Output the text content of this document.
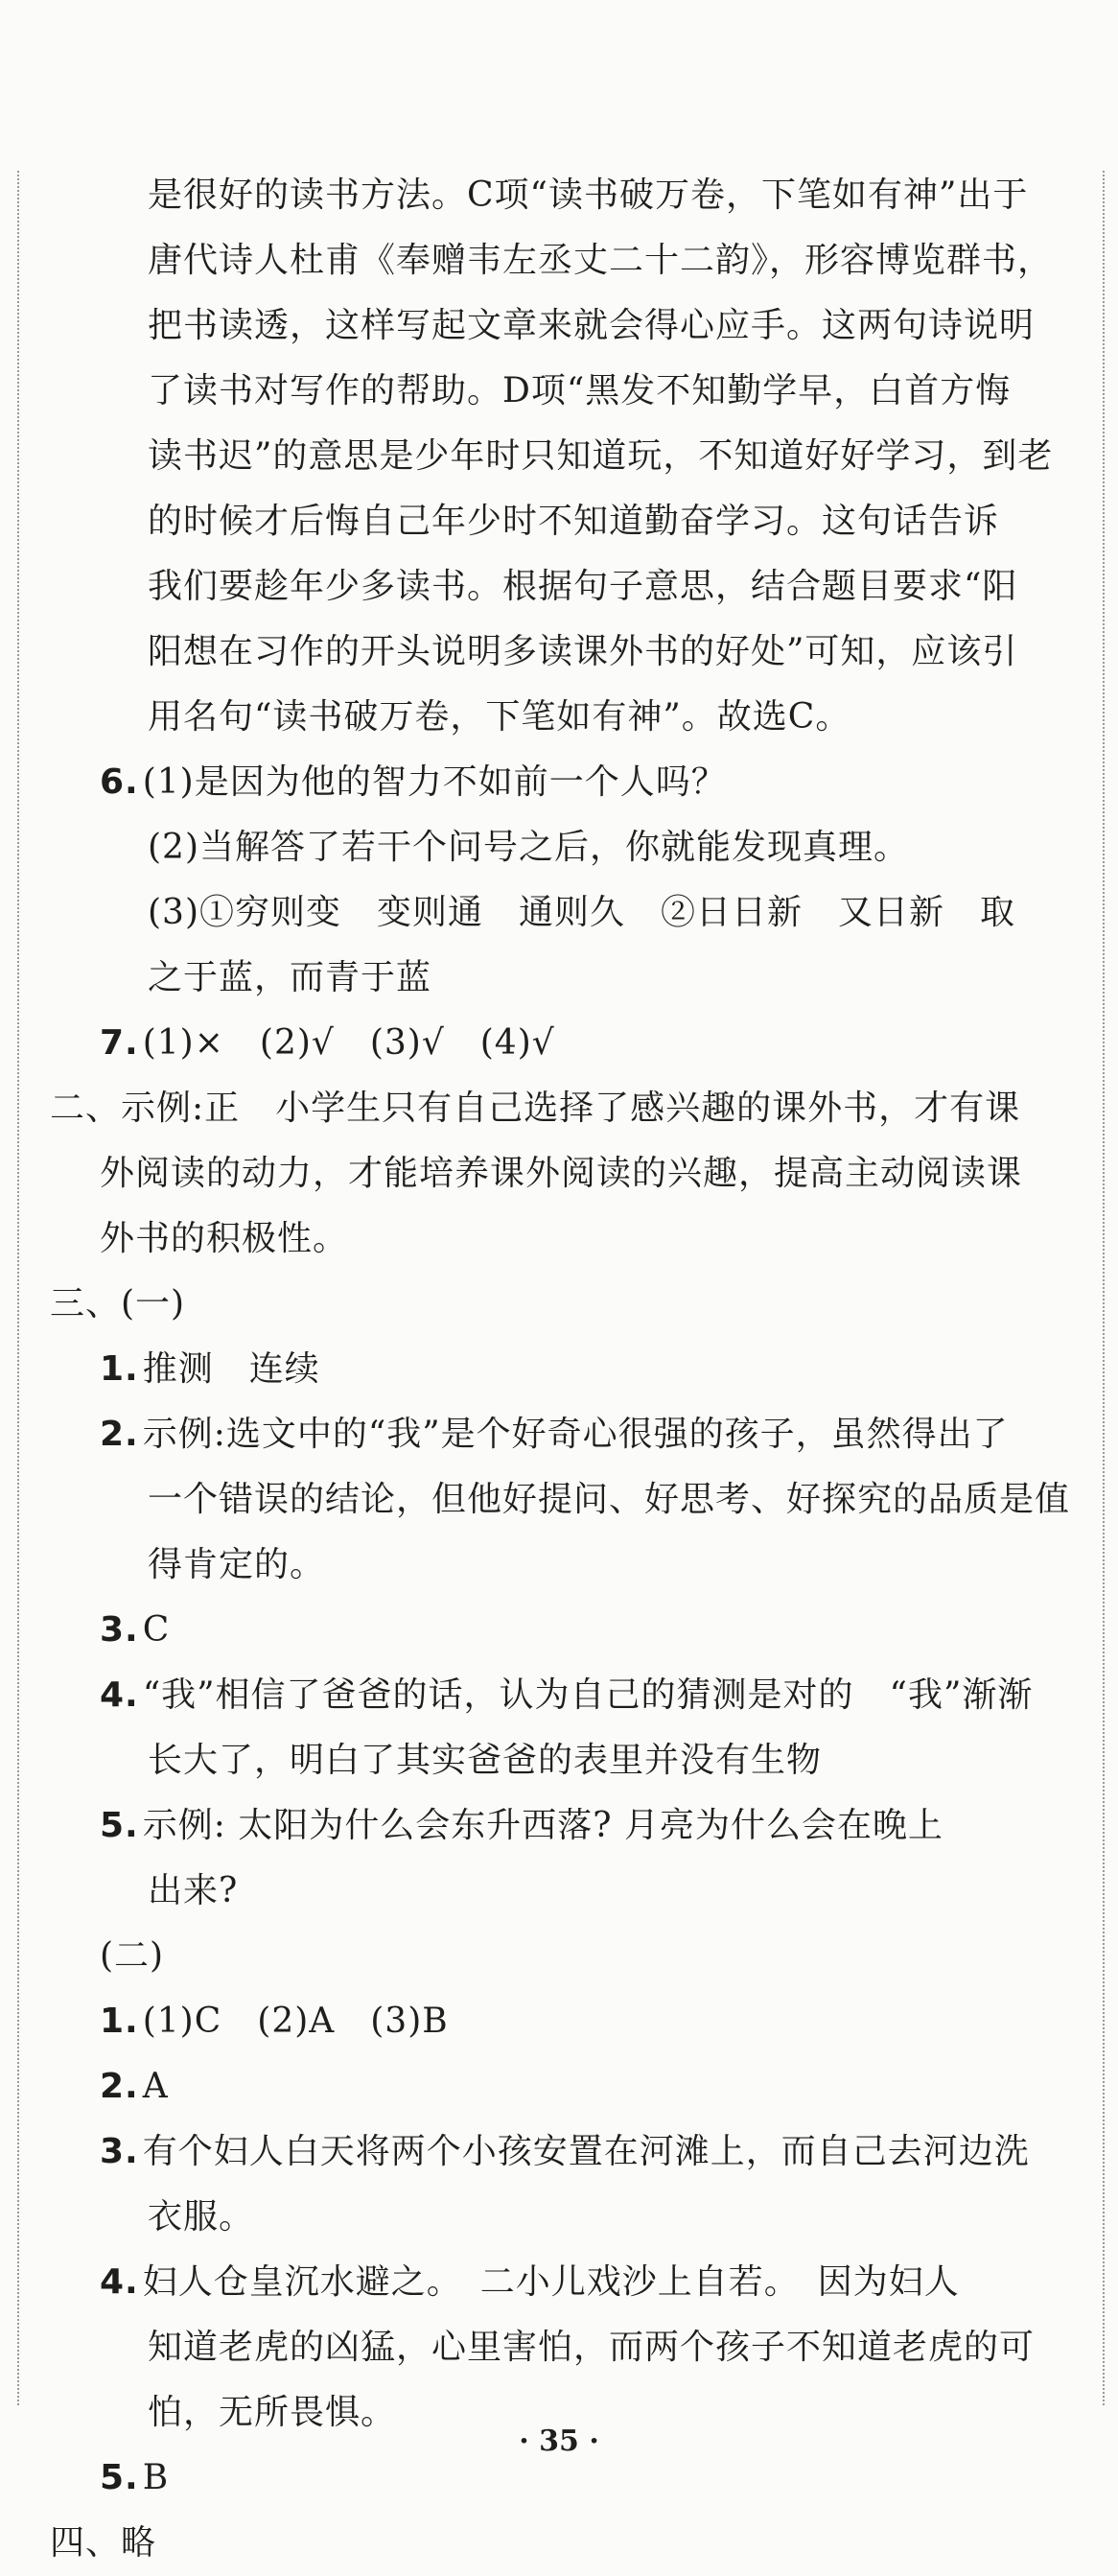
是很好的读书方法。C项“读书破万卷，下笔如有神”出于
唐代诗人杜甫《奉赠韦左丞丈二十二韵》，形容博览群书，
把书读透，这样写起文章来就会得心应手。这两句诗说明
了读书对写作的帮助。D项“黑发不知勤学早，白首方悔
读书迟”的意思是少年时只知道玩，不知道好好学习，到老
的时候才后悔自己年少时不知道勤奋学习。这句话告诉
我们要趁年少多读书。根据句子意思，结合题目要求“阳
阳想在习作的开头说明多读课外书的好处”可知，应该引
用名句“读书破万卷，下笔如有神”。故选C。
6. (1)是因为他的智力不如前一个人吗？
(2)当解答了若干个问号之后，你就能发现真理。
(3)①穷则变　变则通　通则久　②日日新　又日新　取
之于蓝，而青于蓝
7. (1)×　(2)√　(3)√　(4)√
二、示例:正　小学生只有自己选择了感兴趣的课外书，才有课
外阅读的动力，才能培养课外阅读的兴趣，提高主动阅读课
外书的积极性。
三、(一)
1. 推测　连续
2. 示例:选文中的“我”是个好奇心很强的孩子，虽然得出了
一个错误的结论，但他好提问、好思考、好探究的品质是值
得肯定的。
3. C
4. “我”相信了爸爸的话，认为自己的猜测是对的　“我”渐渐
长大了，明白了其实爸爸的表里并没有生物
5. 示例: 太阳为什么会东升西落? 月亮为什么会在晚上
出来?
(二)
1. (1)C　(2)A　(3)B
2. A
3. 有个妇人白天将两个小孩安置在河滩上，而自己去河边洗
衣服。
4. 妇人仓皇沉水避之。　二小儿戏沙上自若。　因为妇人
知道老虎的凶猛，心里害怕，而两个孩子不知道老虎的可
怕，无所畏惧。
5. B
四、略
· 35 ·
